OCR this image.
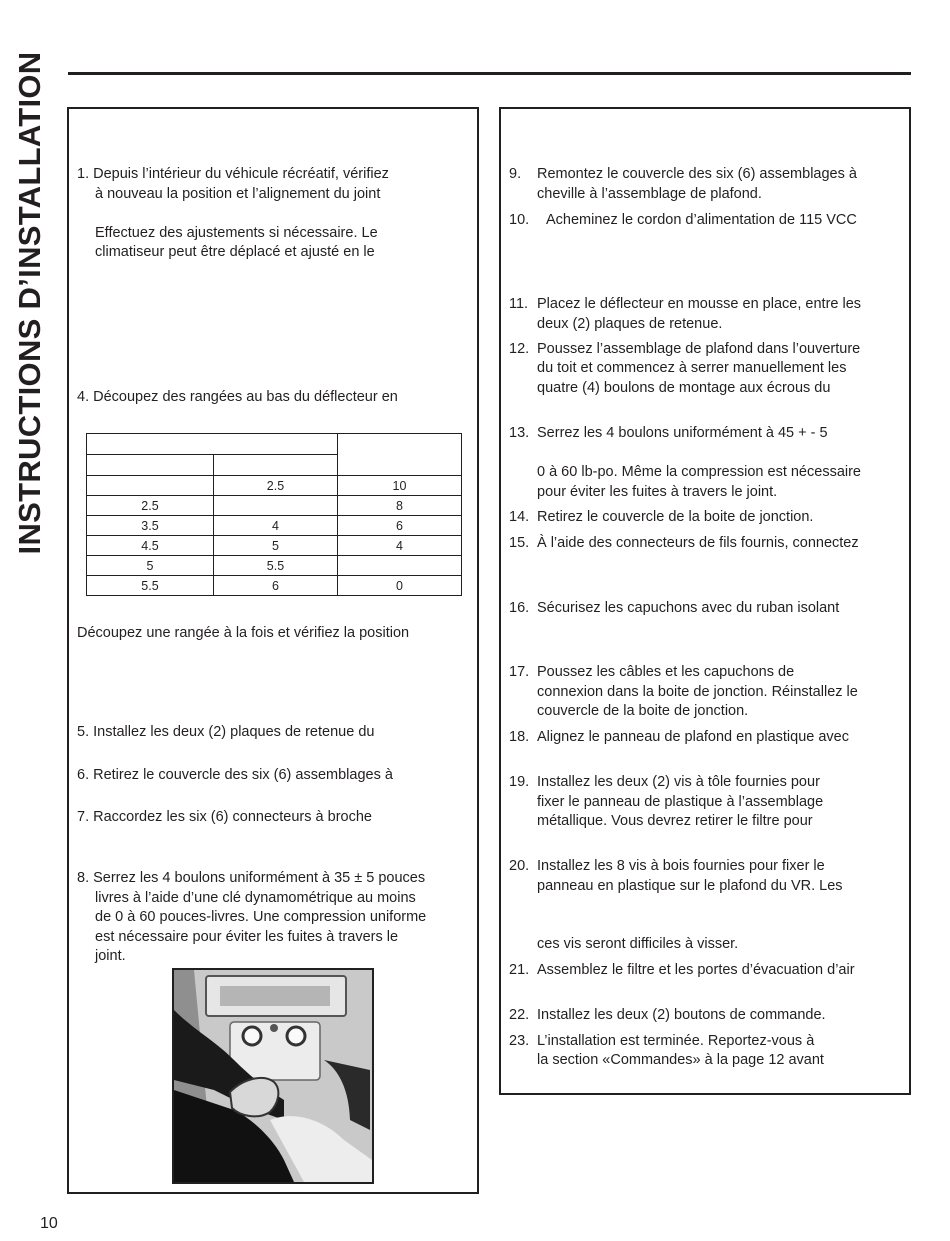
INSTRUCTIONS D’INSTALLATION 1. Depuis l’intérieur du véhicule récréatif, vérifiez
à nouveau la position et l’alignement du joint
Effectuez des ajustements si nécessaire. Le
climatiseur peut être déplacé et ajusté en le
4. Découpez des rangées au bas du déflecteur en

	2.5	10
2.5		8
3.5	4	6
4.5	5	4
5	5.5	
5.5	6	0
Découpez une rangée à la fois et vérifiez la position
5. Installez les deux (2) plaques de retenue du
6. Retirez le couvercle des six (6) assemblages à
7. Raccordez les six (6) connecteurs à broche
8. Serrez les 4 boulons uniformément à 35 ± 5 pouces
livres à l’aide d’une clé dynamométrique au moins
de 0 à 60 pouces-livres. Une compression uniforme
est nécessaire pour éviter les fuites à travers le
joint.
9. Remontez le couvercle des six (6) assemblages à
cheville à l’assemblage de plafond.
10. Acheminez le cordon d’alimentation de 115 VCC
11. Placez le déflecteur en mousse en place, entre les
deux (2) plaques de retenue.
12. Poussez l’assemblage de plafond dans l’ouverture
du toit et commencez à serrer manuellement les
quatre (4) boulons de montage aux écrous du
13. Serrez les 4 boulons uniformément à 45 + - 5
0 à 60 lb-po. Même la compression est nécessaire
pour éviter les fuites à travers le joint.
14. Retirez le couvercle de la boite de jonction.
15. À l’aide des connecteurs de fils fournis, connectez
16. Sécurisez les capuchons avec du ruban isolant
17. Poussez les câbles et les capuchons de
connexion dans la boite de jonction. Réinstallez le
couvercle de la boite de jonction.
18. Alignez le panneau de plafond en plastique avec
19. Installez les deux (2) vis à tôle fournies pour
fixer le panneau de plastique à l’assemblage
métallique. Vous devrez retirer le filtre pour
20. Installez les 8 vis à bois fournies pour fixer le
panneau en plastique sur le plafond du VR. Les
ces vis seront difficiles à visser.
21. Assemblez le filtre et les portes d’évacuation d’air
22. Installez les deux (2) boutons de commande.
23. L’installation est terminée. Reportez-vous à
la section «Commandes» à la page 12 avant
10
